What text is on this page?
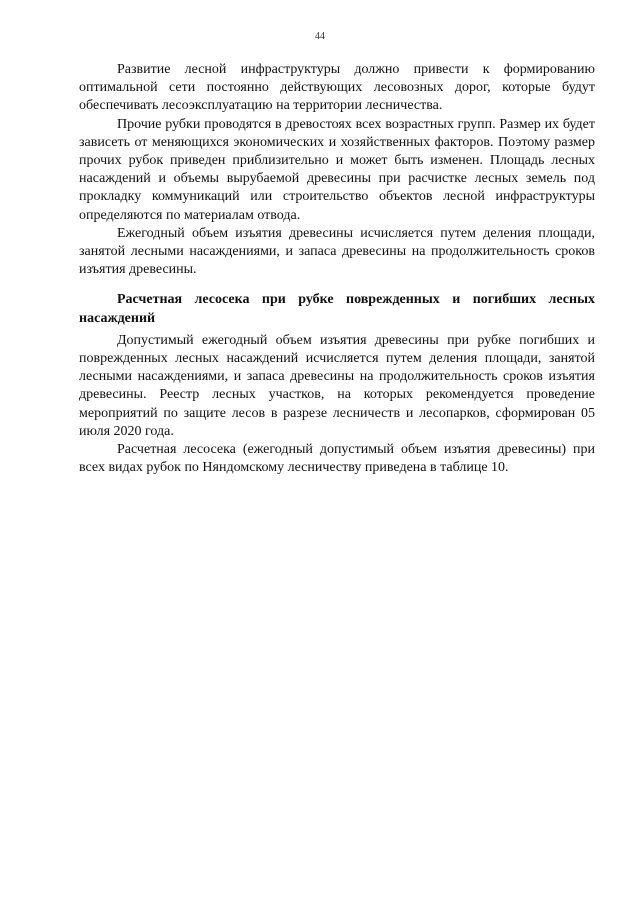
44

Развитие лесной инфраструктуры должно привести к формированию оптимальной сети постоянно действующих лесовозных дорог, которые будут обеспечивать лесоэксплуатацию на территории лесничества.

Прочие рубки проводятся в древостоях всех возрастных групп. Размер их будет зависеть от меняющихся экономических и хозяйственных факторов. Поэтому размер прочих рубок приведен приблизительно и может быть изменен. Площадь лесных насаждений и объемы вырубаемой древесины при расчистке лесных земель под прокладку коммуникаций или строительство объектов лесной инфраструктуры определяются по материалам отвода.

Ежегодный объем изъятия древесины исчисляется путем деления площади, занятой лесными насаждениями, и запаса древесины на продолжительность сроков изъятия древесины.

Расчетная лесосека при рубке поврежденных и погибших лесных насаждений

Допустимый ежегодный объем изъятия древесины при рубке погибших и поврежденных лесных насаждений исчисляется путем деления площади, занятой лесными насаждениями, и запаса древесины на продолжительность сроков изъятия древесины. Реестр лесных участков, на которых рекомендуется проведение мероприятий по защите лесов в разрезе лесничеств и лесопарков, сформирован 05 июля 2020 года.

Расчетная лесосека (ежегодный допустимый объем изъятия древесины) при всех видах рубок по Няндомскому лесничеству приведена в таблице 10.
